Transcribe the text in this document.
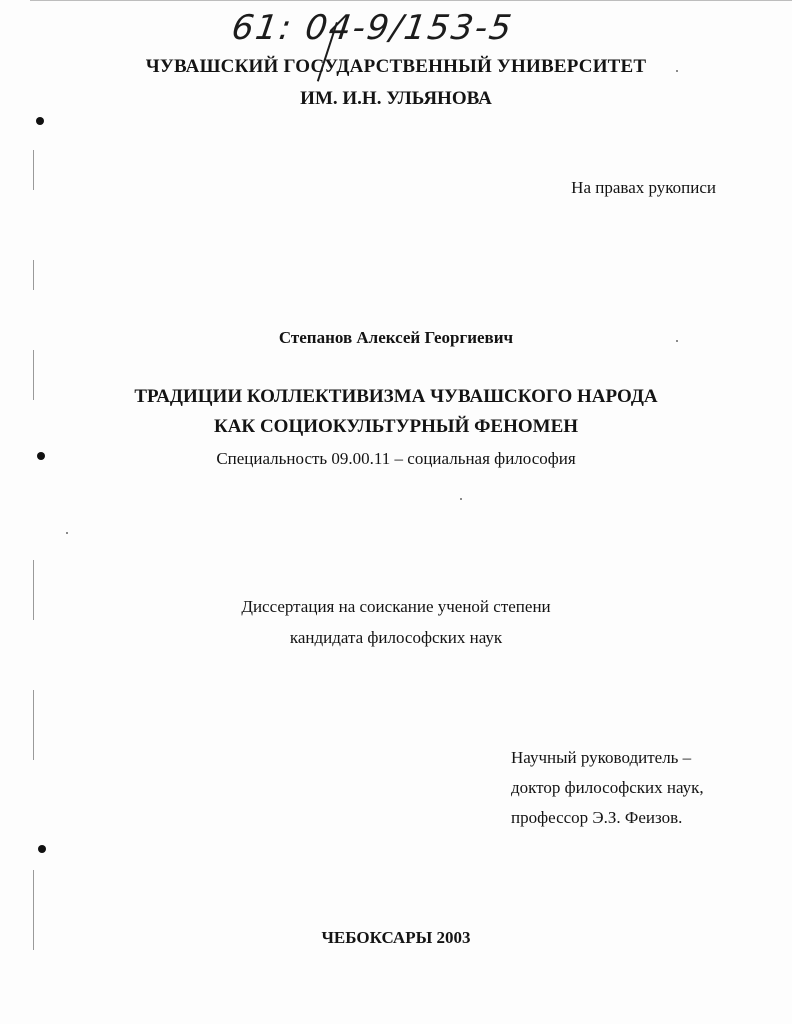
61: 04-9/153-5
ЧУВАШСКИЙ ГОСУДАРСТВЕННЫЙ УНИВЕРСИТЕТ
ИМ. И.Н. УЛЬЯНОВА
На правах рукописи
Степанов Алексей Георгиевич
ТРАДИЦИИ КОЛЛЕКТИВИЗМА ЧУВАШСКОГО НАРОДА
КАК СОЦИОКУЛЬТУРНЫЙ ФЕНОМЕН
Специальность 09.00.11 – социальная философия
Диссертация на соискание ученой степени
кандидата философских наук
Научный руководитель –
доктор философских наук,
профессор Э.З. Феизов.
ЧЕБОКСАРЫ 2003
